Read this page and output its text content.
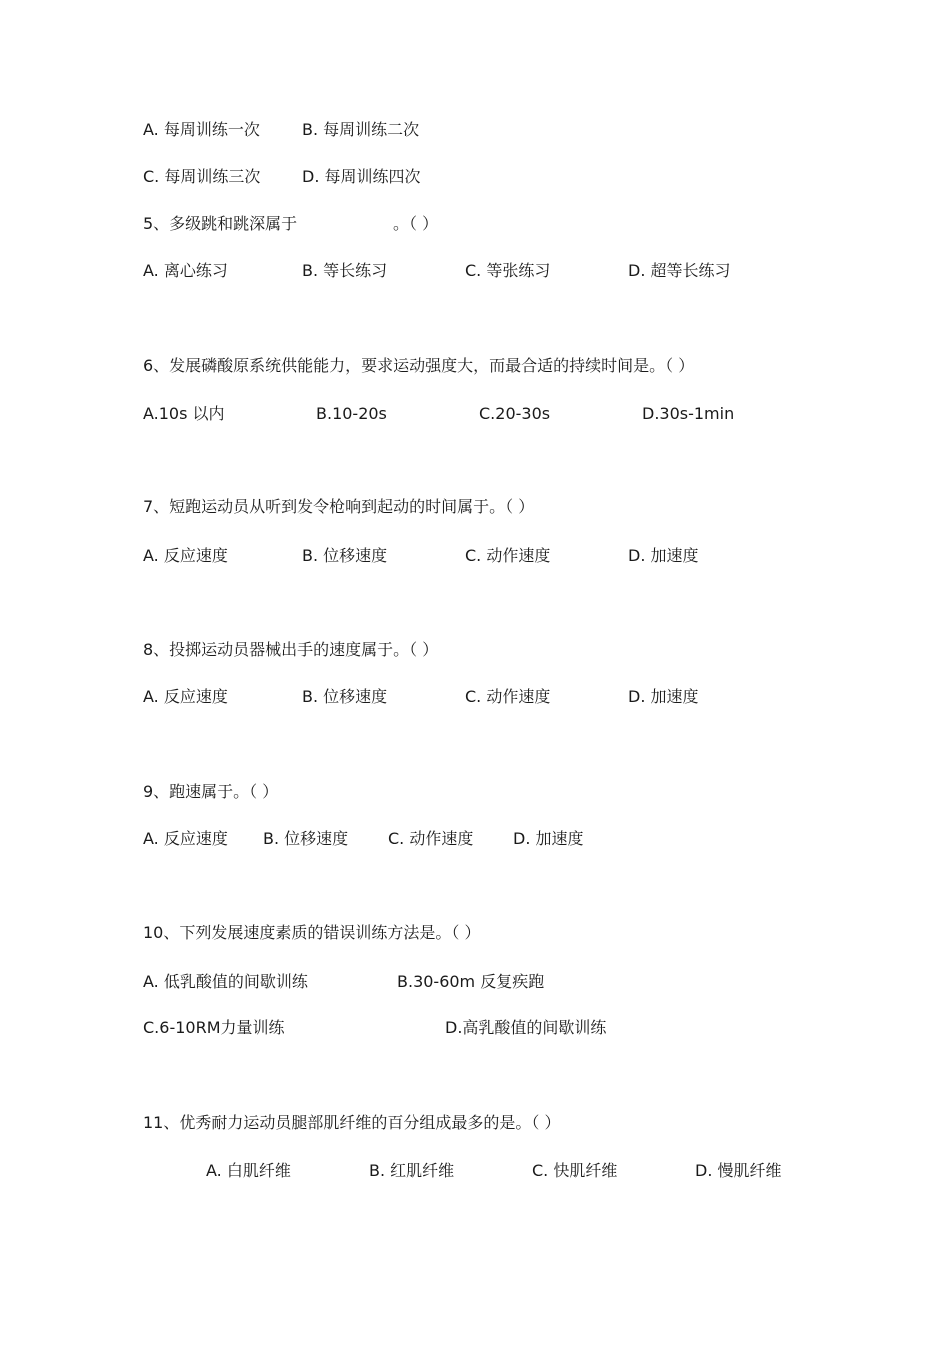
A. 每周训练一次	B. 每周训练二次
C. 每周训练三次	D. 每周训练四次
5、多级跳和跳深属于	。（ ）
A. 离心练习	B. 等长练习	C. 等张练习	D. 超等长练习
6、发展磷酸原系统供能能力，要求运动强度大，而最合适的持续时间是。（ ）
A.10s 以内	B.10-20s	C.20-30s	D.30s-1min
7、短跑运动员从听到发令枪响到起动的时间属于。（ ）
A. 反应速度	B. 位移速度	C. 动作速度	D. 加速度
8、投掷运动员器械出手的速度属于。（ ）
A. 反应速度	B. 位移速度	C. 动作速度	D. 加速度
9、跑速属于。（ ）
A. 反应速度 B. 位移速度 C. 动作速度 D. 加速度
10、下列发展速度素质的错误训练方法是。（ ）
A. 低乳酸值的间歇训练	B.30-60m 反复疾跑
C.6-10RM力量训练	D.高乳酸值的间歇训练
11、优秀耐力运动员腿部肌纤维的百分组成最多的是。（ ）
A. 白肌纤维	B. 红肌纤维	C. 快肌纤维	D. 慢肌纤维
